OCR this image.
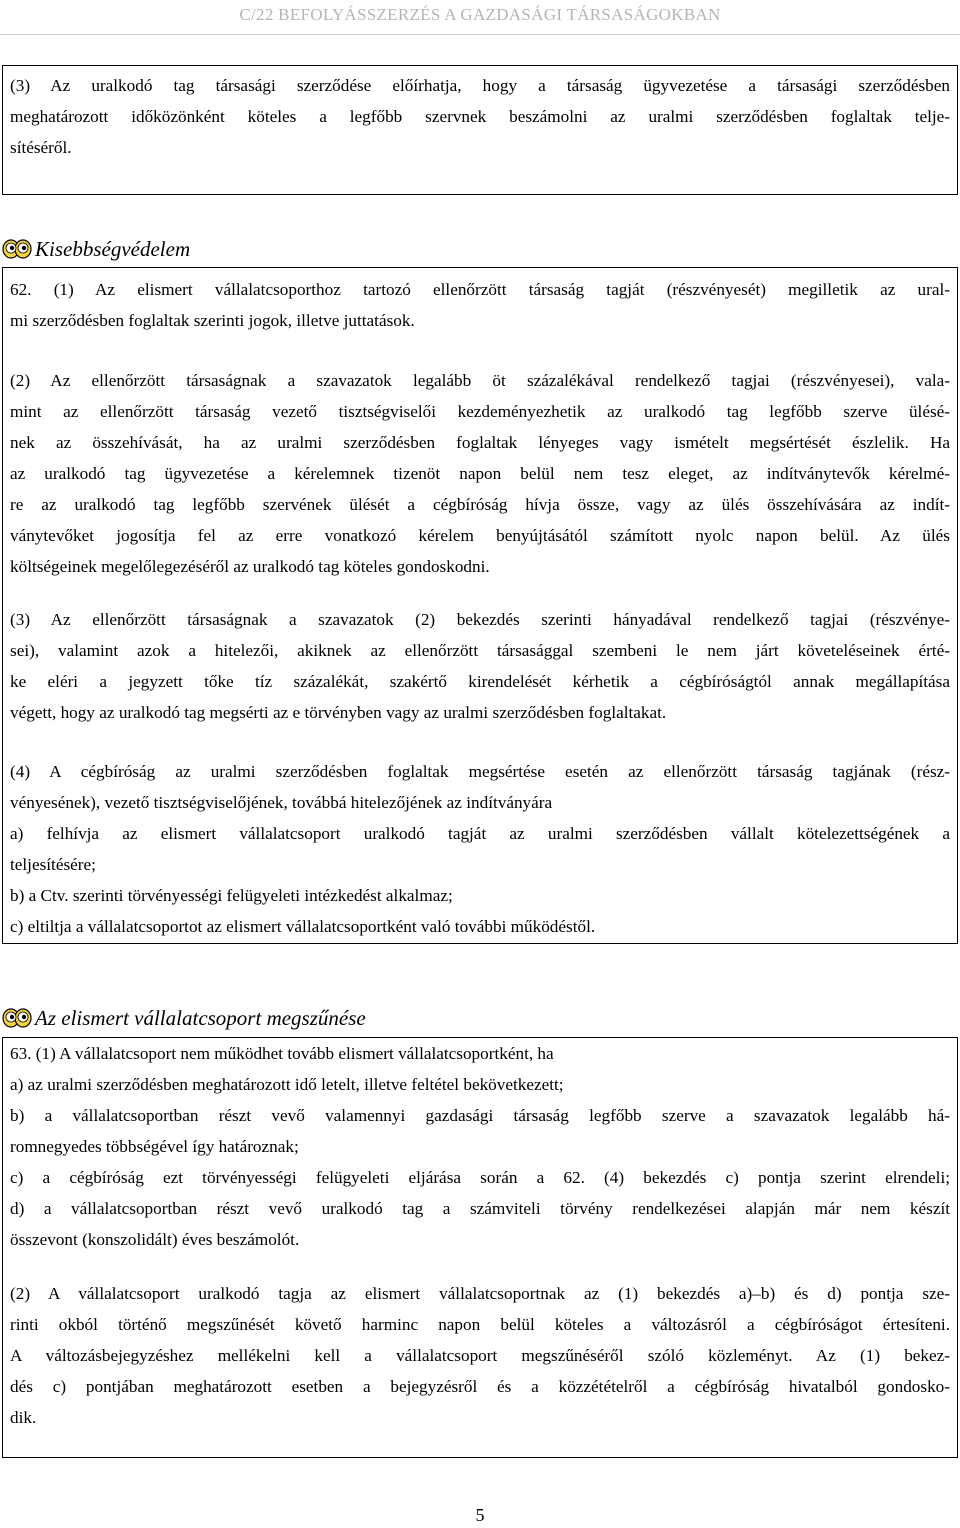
C/22 BEFOLYÁSSZERZÉS A GAZDASÁGI TÁRSASÁGOKBAN
(3) Az uralkodó tag társasági szerződése előírhatja, hogy a társaság ügyvezetése a társasági szerződésben
meghatározott időközönként köteles a legfőbb szervnek beszámolni az uralmi szerződésben foglaltak telje-
sítéséről.
Kisebbségvédelem
62. (1) Az elismert vállalatcsoporthoz tartozó ellenőrzött társaság tagját (részvényesét) megilletik az ural-
mi szerződésben foglaltak szerinti jogok, illetve juttatások.
(2) Az ellenőrzött társaságnak a szavazatok legalább öt százalékával rendelkező tagjai (részvényesei), vala-
mint az ellenőrzött társaság vezető tisztségviselői kezdeményezhetik az uralkodó tag legfőbb szerve ülésé-
nek az összehívását, ha az uralmi szerződésben foglaltak lényeges vagy ismételt megsértését észlelik. Ha
az uralkodó tag ügyvezetése a kérelemnek tizenöt napon belül nem tesz eleget, az indítványtevők kérelmé-
re az uralkodó tag legfőbb szervének ülését a cégbíróság hívja össze, vagy az ülés összehívására az indít-
ványtevőket jogosítja fel az erre vonatkozó kérelem benyújtásától számított nyolc napon belül. Az ülés
költségeinek megelőlegezéséről az uralkodó tag köteles gondoskodni.
(3) Az ellenőrzött társaságnak a szavazatok (2) bekezdés szerinti hányadával rendelkező tagjai (részvénye-
sei), valamint azok a hitelezői, akiknek az ellenőrzött társasággal szembeni le nem járt követeléseinek érté-
ke eléri a jegyzett tőke tíz százalékát, szakértő kirendelését kérhetik a cégbíróságtól annak megállapítása
végett, hogy az uralkodó tag megsérti az e törvényben vagy az uralmi szerződésben foglaltakat.
(4) A cégbíróság az uralmi szerződésben foglaltak megsértése esetén az ellenőrzött társaság tagjának (rész-
vényesének), vezető tisztségviselőjének, továbbá hitelezőjének az indítványára
a) felhívja az elismert vállalatcsoport uralkodó tagját az uralmi szerződésben vállalt kötelezettségének a
teljesítésére;
b) a Ctv. szerinti törvényességi felügyeleti intézkedést alkalmaz;
c) eltiltja a vállalatcsoportot az elismert vállalatcsoportként való további működéstől.
Az elismert vállalatcsoport megszűnése
63. (1) A vállalatcsoport nem működhet tovább elismert vállalatcsoportként, ha
a) az uralmi szerződésben meghatározott idő letelt, illetve feltétel bekövetkezett;
b) a vállalatcsoportban részt vevő valamennyi gazdasági társaság legfőbb szerve a szavazatok legalább há-
romnegyedes többségével így határoznak;
c) a cégbíróság ezt törvényességi felügyeleti eljárása során a 62. (4) bekezdés c) pontja szerint elrendeli;
d) a vállalatcsoportban részt vevő uralkodó tag a számviteli törvény rendelkezései alapján már nem készít
összevont (konszolidált) éves beszámolót.
(2) A vállalatcsoport uralkodó tagja az elismert vállalatcsoportnak az (1) bekezdés a)–b) és d) pontja sze-
rinti okból történő megszűnését követő harminc napon belül köteles a változásról a cégbíróságot értesíteni.
A változásbejegyzéshez mellékelni kell a vállalatcsoport megszűnéséről szóló közleményt. Az (1) bekez-
dés c) pontjában meghatározott esetben a bejegyzésről és a közzétételről a cégbíróság hivatalból gondosko-
dik.
5
